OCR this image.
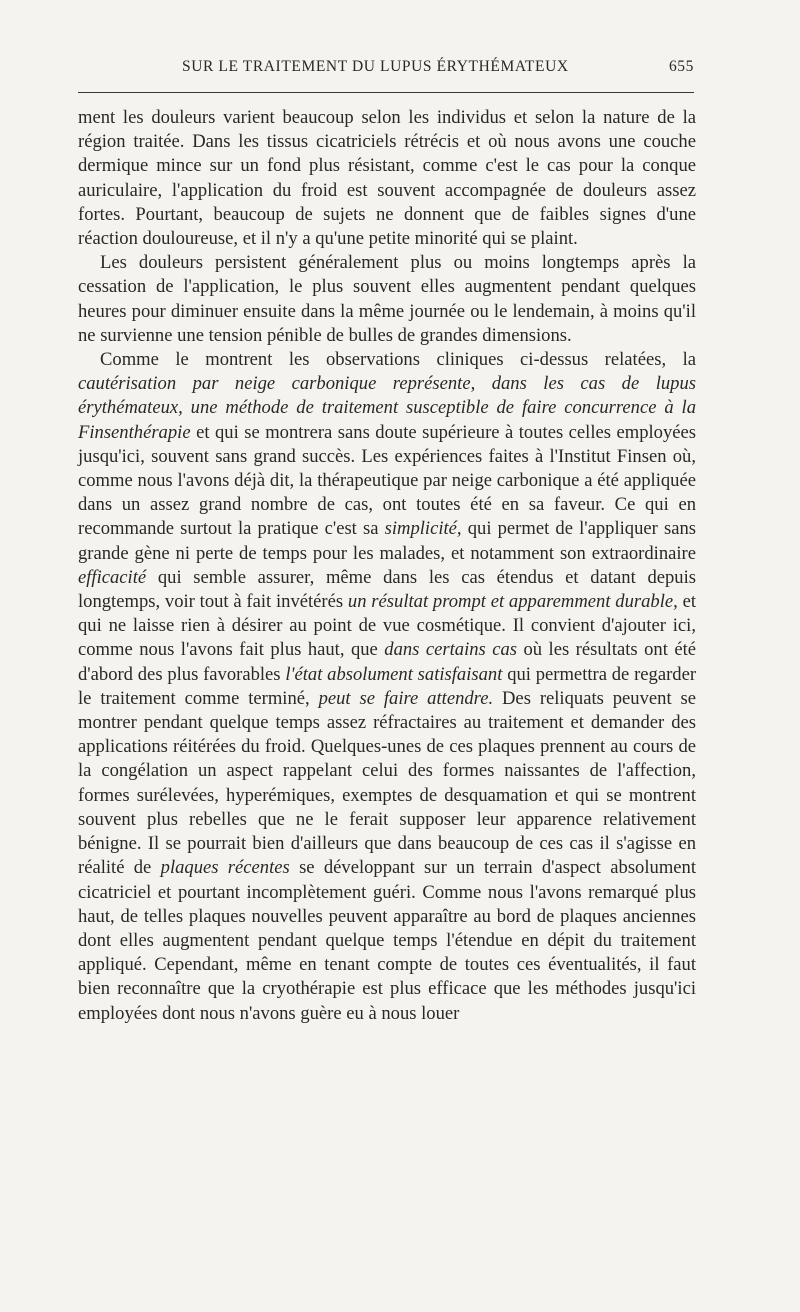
SUR LE TRAITEMENT DU LUPUS ÉRYTHÉMATEUX	655

ment les douleurs varient beaucoup selon les individus et selon la nature de la région traitée. Dans les tissus cicatriciels rétrécis et où nous avons une couche dermique mince sur un fond plus résistant, comme c'est le cas pour la conque auriculaire, l'application du froid est souvent accompagnée de douleurs assez fortes. Pourtant, beaucoup de sujets ne donnent que de faibles signes d'une réaction douloureuse, et il n'y a qu'une petite minorité qui se plaint.

Les douleurs persistent généralement plus ou moins longtemps après la cessation de l'application, le plus souvent elles augmentent pendant quelques heures pour diminuer ensuite dans la même journée ou le lendemain, à moins qu'il ne survienne une tension pénible de bulles de grandes dimensions.

Comme le montrent les observations cliniques ci-dessus relatées, la cautérisation par neige carbonique représente, dans les cas de lupus érythémateux, une méthode de traitement susceptible de faire concurrence à la Finsenthérapie et qui se montrera sans doute supérieure à toutes celles employées jusqu'ici, souvent sans grand succès. Les expériences faites à l'Institut Finsen où, comme nous l'avons déjà dit, la thérapeutique par neige carbonique a été appliquée dans un assez grand nombre de cas, ont toutes été en sa faveur. Ce qui en recommande surtout la pratique c'est sa simplicité, qui permet de l'appliquer sans grande gène ni perte de temps pour les malades, et notamment son extraordinaire efficacité qui semble assurer, même dans les cas étendus et datant depuis longtemps, voir tout à fait invétérés un résultat prompt et apparemment durable, et qui ne laisse rien à désirer au point de vue cosmétique. Il convient d'ajouter ici, comme nous l'avons fait plus haut, que dans certains cas où les résultats ont été d'abord des plus favorables l'état absolument satisfaisant qui permettra de regarder le traitement comme terminé, peut se faire attendre. Des reliquats peuvent se montrer pendant quelque temps assez réfractaires au traitement et demander des applications réitérées du froid. Quelques-unes de ces plaques prennent au cours de la congélation un aspect rappelant celui des formes naissantes de l'affection, formes surélevées, hyperémiques, exemptes de desquamation et qui se montrent souvent plus rebelles que ne le ferait supposer leur apparence relativement bénigne. Il se pourrait bien d'ailleurs que dans beaucoup de ces cas il s'agisse en réalité de plaques récentes se développant sur un terrain d'aspect absolument cicatriciel et pourtant incomplètement guéri. Comme nous l'avons remarqué plus haut, de telles plaques nouvelles peuvent apparaître au bord de plaques anciennes dont elles augmentent pendant quelque temps l'étendue en dépit du traitement appliqué. Cependant, même en tenant compte de toutes ces éventualités, il faut bien reconnaître que la cryothérapie est plus efficace que les méthodes jusqu'ici employées dont nous n'avons guère eu à nous louer
